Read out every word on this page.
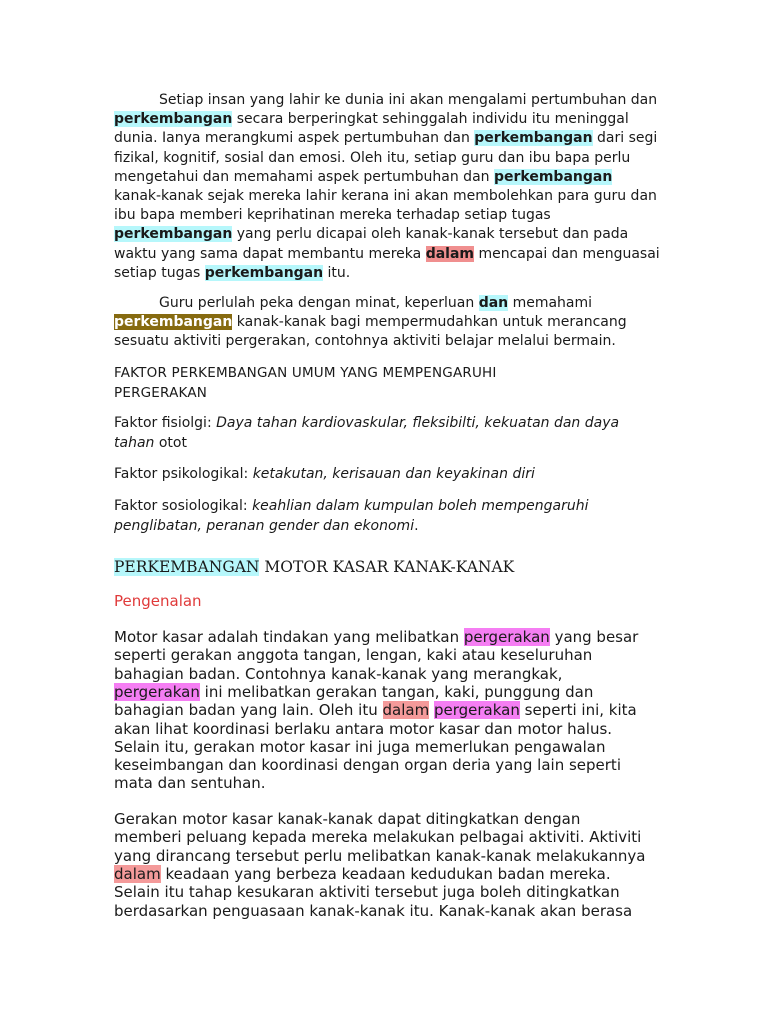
Setiap insan yang lahir ke dunia ini akan mengalami pertumbuhan dan
perkembangan secara berperingkat sehinggalah individu itu meninggal
dunia. Ianya merangkumi aspek pertumbuhan dan perkembangan dari segi
fizikal, kognitif, sosial dan emosi. Oleh itu, setiap guru dan ibu bapa perlu
mengetahui dan memahami aspek pertumbuhan dan perkembangan
kanak-kanak sejak mereka lahir kerana ini akan membolehkan para guru dan
ibu bapa memberi keprihatinan mereka terhadap setiap tugas
perkembangan yang perlu dicapai oleh kanak-kanak tersebut dan pada
waktu yang sama dapat membantu mereka dalam mencapai dan menguasai
setiap tugas perkembangan itu.
Guru perlulah peka dengan minat, keperluan dan memahami
perkembangan kanak-kanak bagi mempermudahkan untuk merancang
sesuatu aktiviti pergerakan, contohnya aktiviti belajar melalui bermain.
FAKTOR PERKEMBANGAN UMUM YANG MEMPENGARUHI
PERGERAKAN
Faktor fisiolgi: Daya tahan kardiovaskular, fleksibilti, kekuatan dan daya
tahan otot
Faktor psikologikal: ketakutan, kerisauan dan keyakinan diri
Faktor sosiologikal: keahlian dalam kumpulan boleh mempengaruhi
penglibatan, peranan gender dan ekonomi.
PERKEMBANGAN MOTOR KASAR KANAK-KANAK
Pengenalan
Motor kasar adalah tindakan yang melibatkan pergerakan yang besar
seperti gerakan anggota tangan, lengan, kaki atau keseluruhan
bahagian badan. Contohnya kanak-kanak yang merangkak,
pergerakan ini melibatkan gerakan tangan, kaki, punggung dan
bahagian badan yang lain. Oleh itu dalam pergerakan seperti ini, kita
akan lihat koordinasi berlaku antara motor kasar dan motor halus.
Selain itu, gerakan motor kasar ini juga memerlukan pengawalan
keseimbangan dan koordinasi dengan organ deria yang lain seperti
mata dan sentuhan.
Gerakan motor kasar kanak-kanak dapat ditingkatkan dengan
memberi peluang kepada mereka melakukan pelbagai aktiviti. Aktiviti
yang dirancang tersebut perlu melibatkan kanak-kanak melakukannya
dalam keadaan yang berbeza keadaan kedudukan badan mereka.
Selain itu tahap kesukaran aktiviti tersebut juga boleh ditingkatkan
berdasarkan penguasaan kanak-kanak itu. Kanak-kanak akan berasa
